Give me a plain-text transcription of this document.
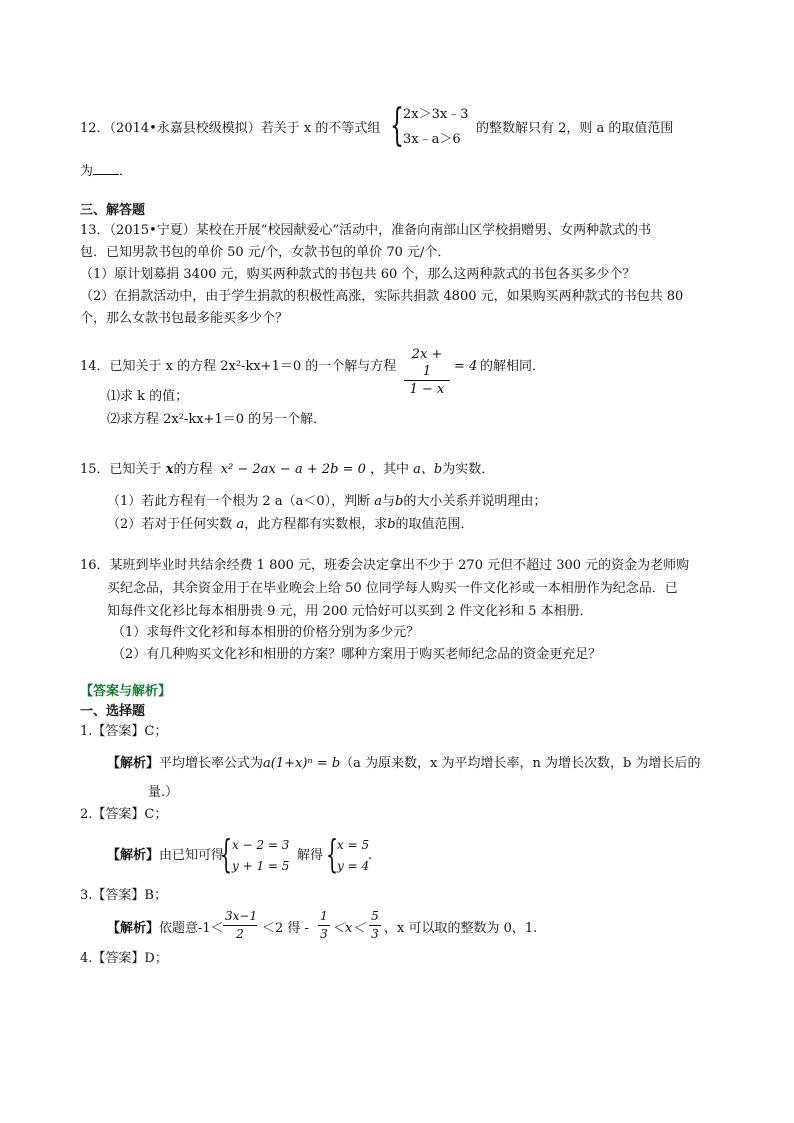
12．（2014•永嘉县校级模拟）若关于 x 的不等式组 { 2x＞3x﹣3
3x﹣a＞6
的整数解只有 2，则 a 的取值范围
为 ．
三、解答题
13．（2015•宁夏）某校在开展“校园献爱心”活动中，准备向南部山区学校捐赠男、女两种款式的书
包．已知男款书包的单价 50 元/个，女款书包的单价 70 元/个．
（1）原计划募捐 3400 元，购买两种款式的书包共 60 个，那么这两种款式的书包各买多少个？
（2）在捐款活动中，由于学生捐款的积极性高涨，实际共捐款 4800 元，如果购买两种款式的书包共 80
个，那么女款书包最多能买多少个？
14．已知关于 x 的方程 2x²-kx+1＝0 的一个解与方程 $\frac{2x + 1}{1 - x} = 4$ 的解相同．
⑴求 k 的值；
⑵求方程 2x²-kx+1＝0 的另一个解．
15．已知关于 x的方程 x² − 2ax − a + 2b = 0 ，其中 a、b为实数．
（1）若此方程有一个根为 2 a（a＜0），判断 a与b的大小关系并说明理由；
（2）若对于任何实数 a，此方程都有实数根，求b的取值范围．
16．某班到毕业时共结余经费 1 800 元，班委会决定拿出不少于 270 元但不超过 300 元的资金为老师购
买纪念品，其余资金用于在毕业晚会上给 50 位同学每人购买一件文化衫或一本相册作为纪念品．已
知每件文化衫比每本相册贵 9 元，用 200 元恰好可以买到 2 件文化衫和 5 本相册．
（1）求每件文化衫和每本相册的价格分别为多少元？
（2）有几种购买文化衫和相册的方案？哪种方案用于购买老师纪念品的资金更充足？
【答案与解析】
一、选择题
1.【答案】C；
【解析】平均增长率公式为a(1+x)ⁿ = b（a 为原来数，x 为平均增长率，n 为增长次数，b 为增长后的
量.）
2.【答案】C；
【解析】由已知可得
{ x − 2 = 3
y + 1 = 5
解得 {
x = 5
y = 4
.
3.【答案】B；
【解析】依题意$-1< \frac{3x-1}{2} <2$ 得 - $\frac{1}{3} <x< \frac{5}{3}$ ，x 可以取的整数为 0，1.
4.【答案】D；
